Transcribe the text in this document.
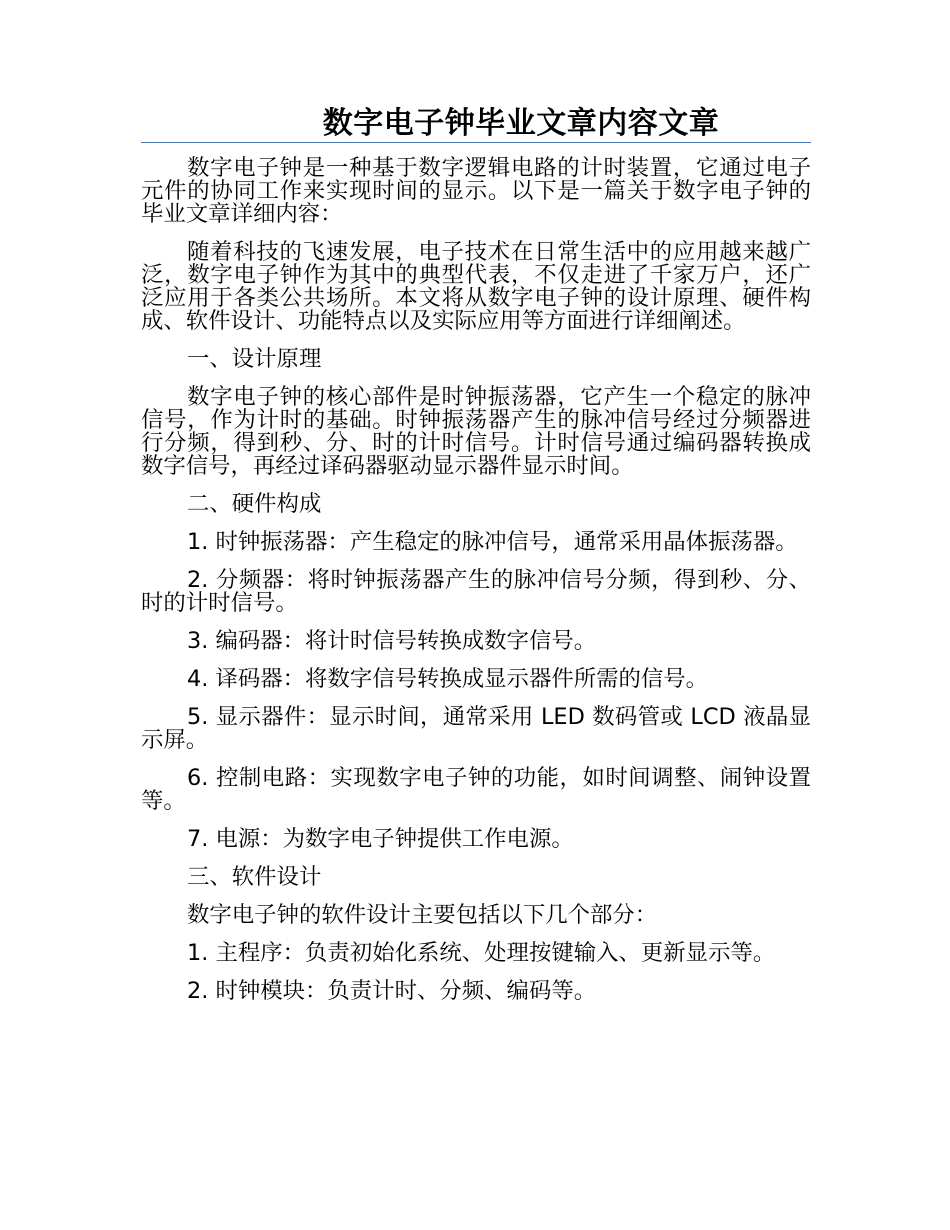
数字电子钟毕业文章内容文章

数字电子钟是一种基于数字逻辑电路的计时装置，它通过电子元件的协同工作来实现时间的显示。以下是一篇关于数字电子钟的毕业文章详细内容：

随着科技的飞速发展，电子技术在日常生活中的应用越来越广泛，数字电子钟作为其中的典型代表，不仅走进了千家万户，还广泛应用于各类公共场所。本文将从数字电子钟的设计原理、硬件构成、软件设计、功能特点以及实际应用等方面进行详细阐述。

一、设计原理

数字电子钟的核心部件是时钟振荡器，它产生一个稳定的脉冲信号，作为计时的基础。时钟振荡器产生的脉冲信号经过分频器进行分频，得到秒、分、时的计时信号。计时信号通过编码器转换成数字信号，再经过译码器驱动显示器件显示时间。

二、硬件构成

1. 时钟振荡器：产生稳定的脉冲信号，通常采用晶体振荡器。

2. 分频器：将时钟振荡器产生的脉冲信号分频，得到秒、分、时的计时信号。

3. 编码器：将计时信号转换成数字信号。

4. 译码器：将数字信号转换成显示器件所需的信号。

5. 显示器件：显示时间，通常采用 LED 数码管或 LCD 液晶显示屏。

6. 控制电路：实现数字电子钟的功能，如时间调整、闹钟设置等。

7. 电源：为数字电子钟提供工作电源。

三、软件设计

数字电子钟的软件设计主要包括以下几个部分：

1. 主程序：负责初始化系统、处理按键输入、更新显示等。

2. 时钟模块：负责计时、分频、编码等。
